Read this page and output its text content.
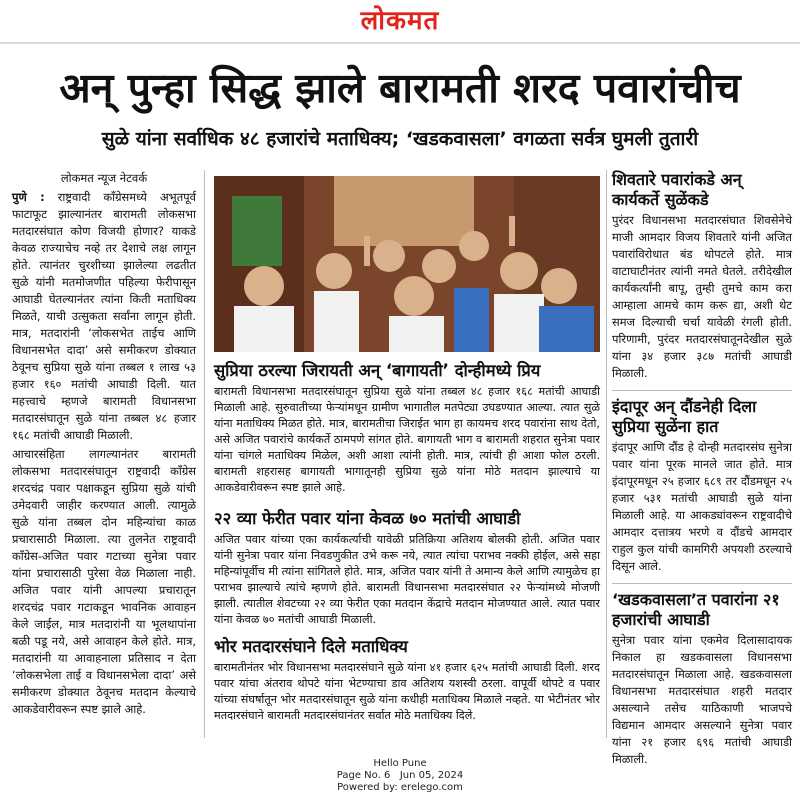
लोकमत
अन् पुन्हा सिद्ध झाले बारामती शरद पवारांचीच
सुळे यांना सर्वाधिक ४८ हजारांचे मताधिक्य; ‘खडकवासला’ वगळता सर्वत्र घुमली तुतारी
लोकमत न्यूज नेटवर्क

पुणे : राष्ट्रवादी काँग्रेसमध्ये अभूतपूर्व फाटाफूट झाल्यानंतर बारामती लोकसभा मतदारसंघात कोण विजयी होणार? याकडे केवळ राज्याचेच नव्हे तर देशाचे लक्ष लागून होते. त्यानंतर चुरशीच्या झालेल्या लढतीत सुळे यांनी मतमोजणीत पहिल्या फेरीपासून आघाडी घेतल्यानंतर त्यांना किती मताधिक्य मिळते, याची उत्सुकता सर्वांना लागून होती. मात्र, मतदारांनी ‘लोकसभेत ताईच आणि विधानसभेत दादा’ असे समीकरण डोक्यात ठेवूनच सुप्रिया सुळे यांना तब्बल १ लाख ५३ हजार १६० मतांची आघाडी दिली. यात महत्त्वाचे म्हणजे बारामती विधानसभा मतदारसंघातून सुळे यांना तब्बल ४८ हजार १६८ मतांची आघाडी मिळाली.

आचारसंहिता लागल्यानंतर बारामती लोकसभा मतदारसंघातून राष्ट्रवादी काँग्रेस शरदचंद्र पवार पक्षाकडून सुप्रिया सुळे यांची उमेदवारी जाहीर करण्यात आली. त्यामुळे सुळे यांना तब्बल दोन महिन्यांचा काळ प्रचारासाठी मिळाला. त्या तुलनेत राष्ट्रवादी काँग्रेस-अजित पवार गटाच्या सुनेत्रा पवार यांना प्रचारासाठी पुरेसा वेळ मिळाला नाही. अजित पवार यांनी आपल्या प्रचारातून शरदचंद्र पवार गटाकडून भावनिक आवाहन केले जाईल, मात्र मतदारांनी या भूलथापांना बळी पडू नये, असे आवाहन केले होते. मात्र, मतदारांनी या आवाहनाला प्रतिसाद न देता ‘लोकसभेला ताई व विधानसभेला दादा’ असे समीकरण डोक्यात ठेवूनच मतदान केल्याचे आकडेवारीवरून स्पष्ट झाले आहे.

सुप्रिया ठरल्या जिरायती अन् ‘बागायती’ दोन्हीमध्ये प्रिय

बारामती विधानसभा मतदारसंघातून सुप्रिया सुळे यांना तब्बल ४८ हजार १६८ मतांची आघाडी मिळाली आहे. सुरुवातीच्या फेऱ्यांमधून ग्रामीण भागातील मतपेट्या उघडण्यात आल्या. त्यात सुळे यांना मताधिक्य मिळत होते. मात्र, बारामतीचा जिराईत भाग हा कायमच शरद पवारांना साथ देतो, असे अजित पवारांचे कार्यकर्ते ठामपणे सांगत होते. बागायती भाग व बारामती शहरात सुनेत्रा पवार यांना चांगले मताधिक्य मिळेल, अशी आशा त्यांनी होती. मात्र, त्यांची ही आशा फोल ठरली. बारामती शहरासह बागायती भागातूनही सुप्रिया सुळे यांना मोठे मतदान झाल्याचे या आकडेवारीवरून स्पष्ट झाले आहे.

२२ व्या फेरीत पवार यांना केवळ ७० मतांची आघाडी

अजित पवार यांच्या एका कार्यकर्त्याची यावेळी प्रतिक्रिया अतिशय बोलकी होती. अजित पवार यांनी सुनेत्रा पवार यांना निवडणुकीत उभे करू नये, त्यात त्यांचा पराभव नक्की होईल, असे सहा महिन्यांपूर्वीच मी त्यांना सांगितले होते. मात्र, अजित पवार यांनी ते अमान्य केले आणि त्यामुळेच हा पराभव झाल्याचे त्यांचे म्हणणे होते. बारामती विधानसभा मतदारसंघात २२ फेऱ्यांमध्ये मोजणी झाली. त्यातील शेवटच्या २२ व्या फेरीत एका मतदान केंद्राचे मतदान मोजण्यात आले. त्यात पवार यांना केवळ ७० मतांची आघाडी मिळाली.

भोर मतदारसंघाने दिले मताधिक्य

बारामतीनंतर भोर विधानसभा मतदारसंघाने सुळे यांना ४१ हजार ६२५ मतांची आघाडी दिली. शरद पवार यांचा अंतराव थोपटे यांना भेटण्याचा डाव अतिशय यशस्वी ठरला. वापूर्वी थोपटे व पवार यांच्या संघर्षातून भोर मतदारसंघातून सुळे यांना कधीही मताधिक्य मिळाले नव्हते. या भेटीनंतर भोर मतदारसंघाने बारामती मतदारसंघानंतर सर्वात मोठे मताधिक्य दिले.

शिवतारे पवारांकडे अन् कार्यकर्ते सुळेंकडे

पुरंदर विधानसभा मतदारसंघात शिवसेनेचे माजी आमदार विजय शिवतारे यांनी अजित पवारांविरोधात बंड थोपटले होते. मात्र वाटाघाटीनंतर त्यांनी नमते घेतले. तरीदेखील कार्यकर्त्यांनी बापू, तुम्ही तुमचे काम करा आम्हाला आमचे काम करू द्या, अशी थेट समज दिल्याची चर्चा यावेळी रंगली होती. परिणामी, पुरंदर मतदारसंघातूनदेखील सुळे यांना ३४ हजार ३८७ मतांची आघाडी मिळाली.

इंदापूर अन् दौंडनेही दिला सुप्रिया सुळेंना हात

इंदापूर आणि दौंड हे दोन्ही मतदारसंघ सुनेत्रा पवार यांना पूरक मानले जात होते. मात्र इंदापूरमधून २५ हजार ६८९ तर दौंडमधून २५ हजार ५३१ मतांची आघाडी सुळे यांना मिळाली आहे. या आकड्यांवरून राष्ट्रवादीचे आमदार दत्तात्रय भरणे व दौंडचे आमदार राहुल कुल यांची कामगिरी अपयशी ठरल्याचे दिसून आले.

‘खडकवासला’त पवारांना २१ हजारांची आघाडी

सुनेत्रा पवार यांना एकमेव दिलासादायक निकाल हा खडकवासला विधानसभा मतदारसंघातून मिळाला आहे. खडकवासला विधानसभा मतदारसंघात शहरी मतदार असल्याने तसेच याठिकाणी भाजपचे विद्यमान आमदार असल्याने सुनेत्रा पवार यांना २१ हजार ६९६ मतांची आघाडी मिळाली.

Hello Pune
Page No. 6 Jun 05, 2024
Powered by: erelego.com
